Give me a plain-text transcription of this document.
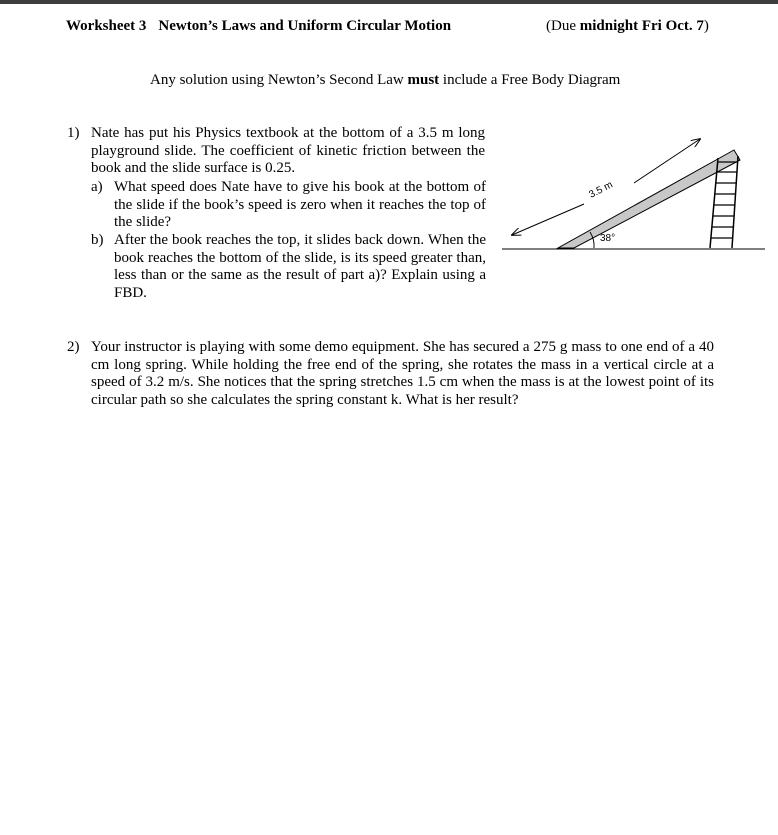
Worksheet 3 Newton’s Laws and Uniform Circular Motion	(Due midnight Fri Oct. 7)
Any solution using Newton’s Second Law must include a Free Body Diagram
1) Nate has put his Physics textbook at the bottom of a 3.5 m long playground slide. The coefficient of kinetic friction between the book and the slide surface is 0.25.
a) What speed does Nate have to give his book at the bottom of the slide if the book’s speed is zero when it reaches the top of the slide?
b) After the book reaches the top, it slides back down. When the book reaches the bottom of the slide, is its speed greater than, less than or the same as the result of part a)? Explain using a FBD.
3.5 m
38°
2) Your instructor is playing with some demo equipment. She has secured a 275 g mass to one end of a 40 cm long spring. While holding the free end of the spring, she rotates the mass in a vertical circle at a speed of 3.2 m/s. She notices that the spring stretches 1.5 cm when the mass is at the lowest point of its circular path so she calculates the spring constant k. What is her result?
